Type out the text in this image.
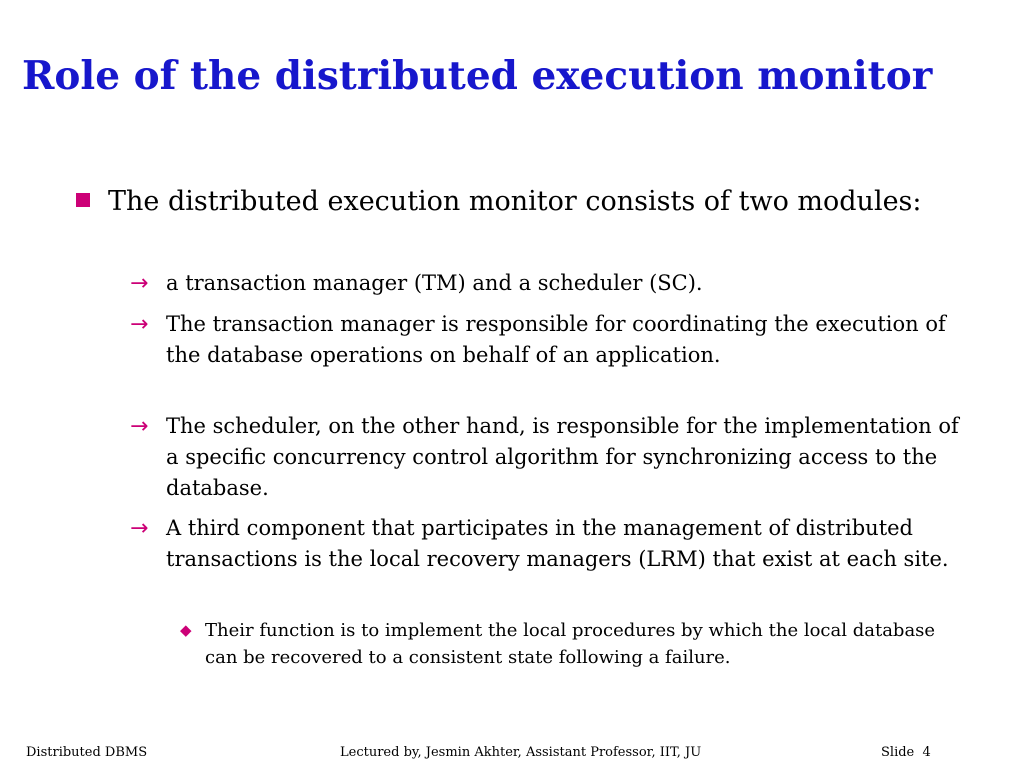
Role of the distributed execution monitor
The distributed execution monitor consists of two modules:
→ a transaction manager (TM) and a scheduler (SC).
→ The transaction manager is responsible for coordinating the execution of the database operations on behalf of an application.
→ The scheduler, on the other hand, is responsible for the implementation of a specific concurrency control algorithm for synchronizing access to the database.
→ A third component that participates in the management of distributed transactions is the local recovery managers (LRM) that exist at each site.
◆ Their function is to implement the local procedures by which the local database can be recovered to a consistent state following a failure.
Distributed DBMS	Lectured by, Jesmin Akhter, Assistant Professor, IIT, JU	Slide  4
